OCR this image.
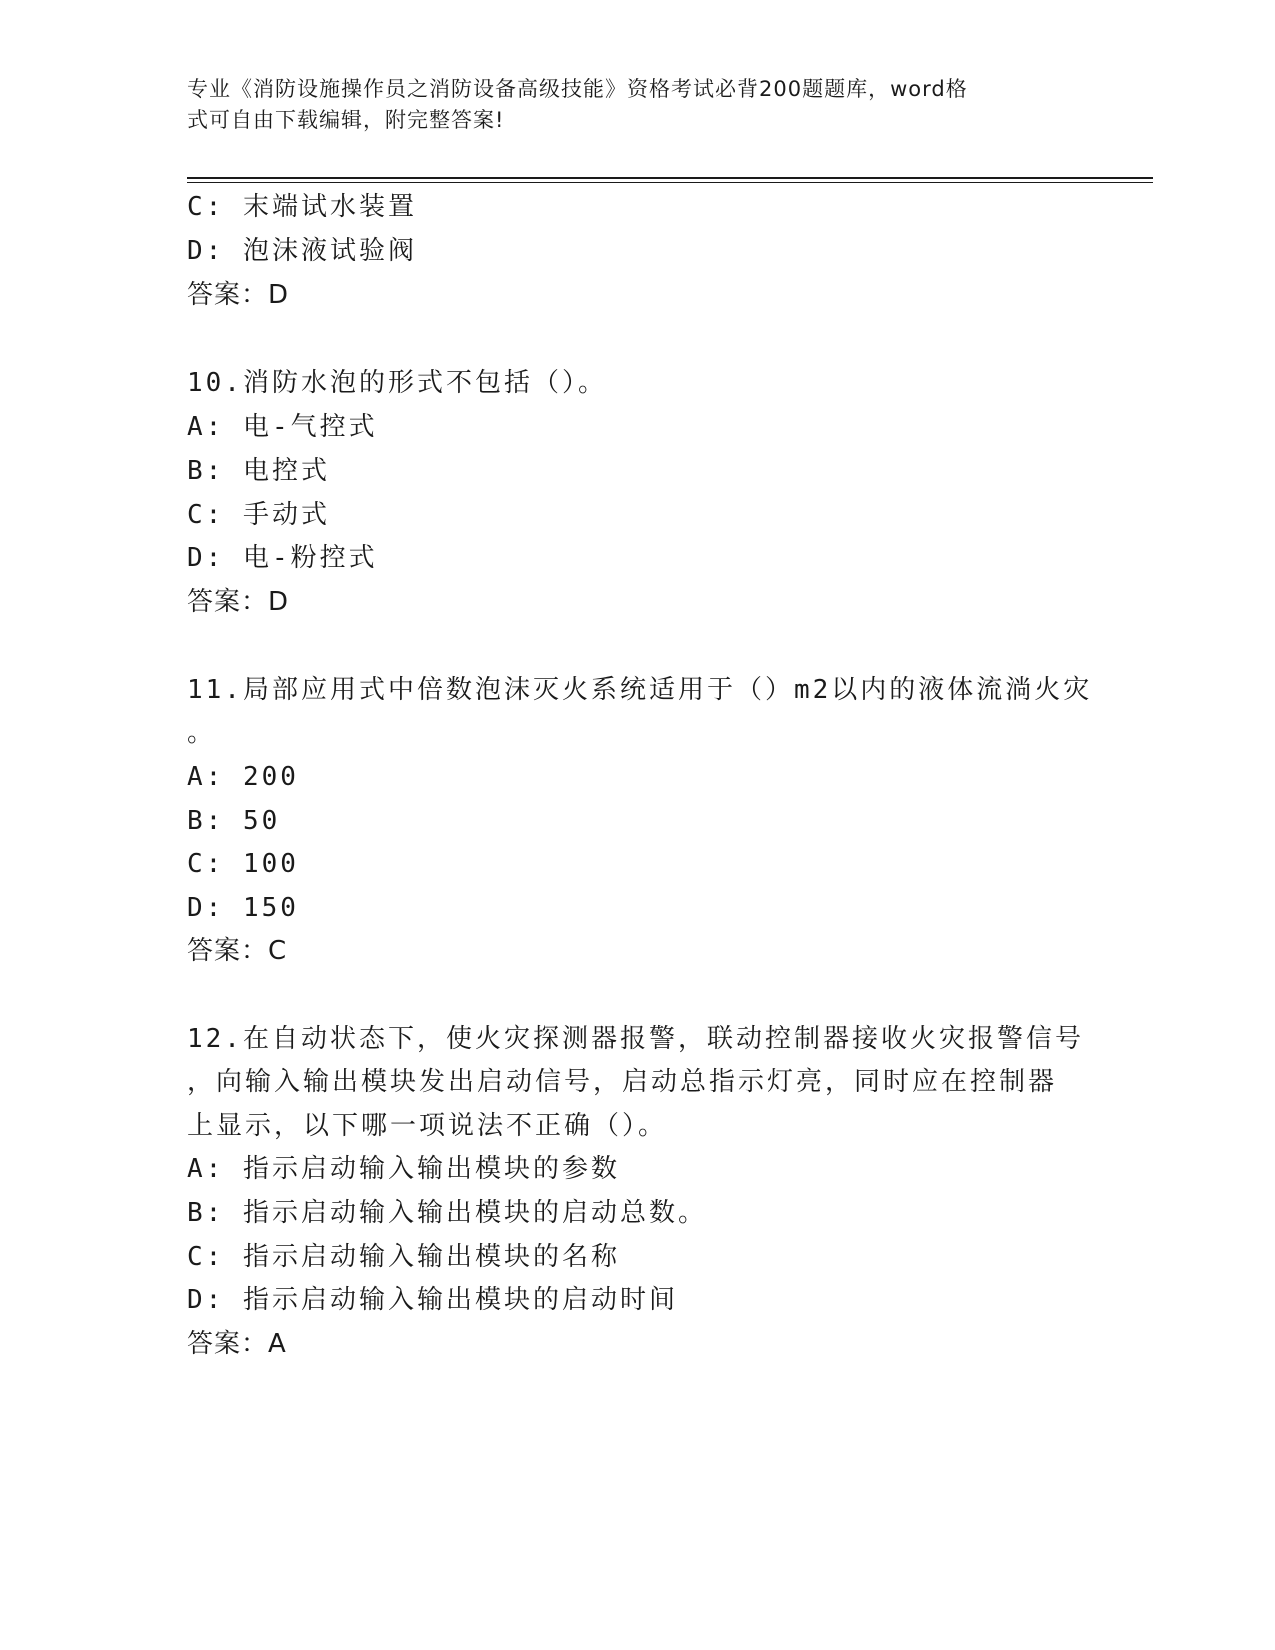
专业《消防设施操作员之消防设备高级技能》资格考试必背200题题库，word格
式可自由下载编辑，附完整答案!
C: 末端试水装置
D: 泡沫液试验阀
答案：D
10.消防水泡的形式不包括（）。
A: 电-气控式
B: 电控式
C: 手动式
D: 电-粉控式
答案：D
11.局部应用式中倍数泡沫灭火系统适用于（）m2以内的液体流淌火灾
。
A: 200
B: 50
C: 100
D: 150
答案：C
12.在自动状态下，使火灾探测器报警，联动控制器接收火灾报警信号
，向输入输出模块发出启动信号，启动总指示灯亮，同时应在控制器
上显示，以下哪一项说法不正确（）。
A: 指示启动输入输出模块的参数
B: 指示启动输入输出模块的启动总数。
C: 指示启动输入输出模块的名称
D: 指示启动输入输出模块的启动时间
答案：A
